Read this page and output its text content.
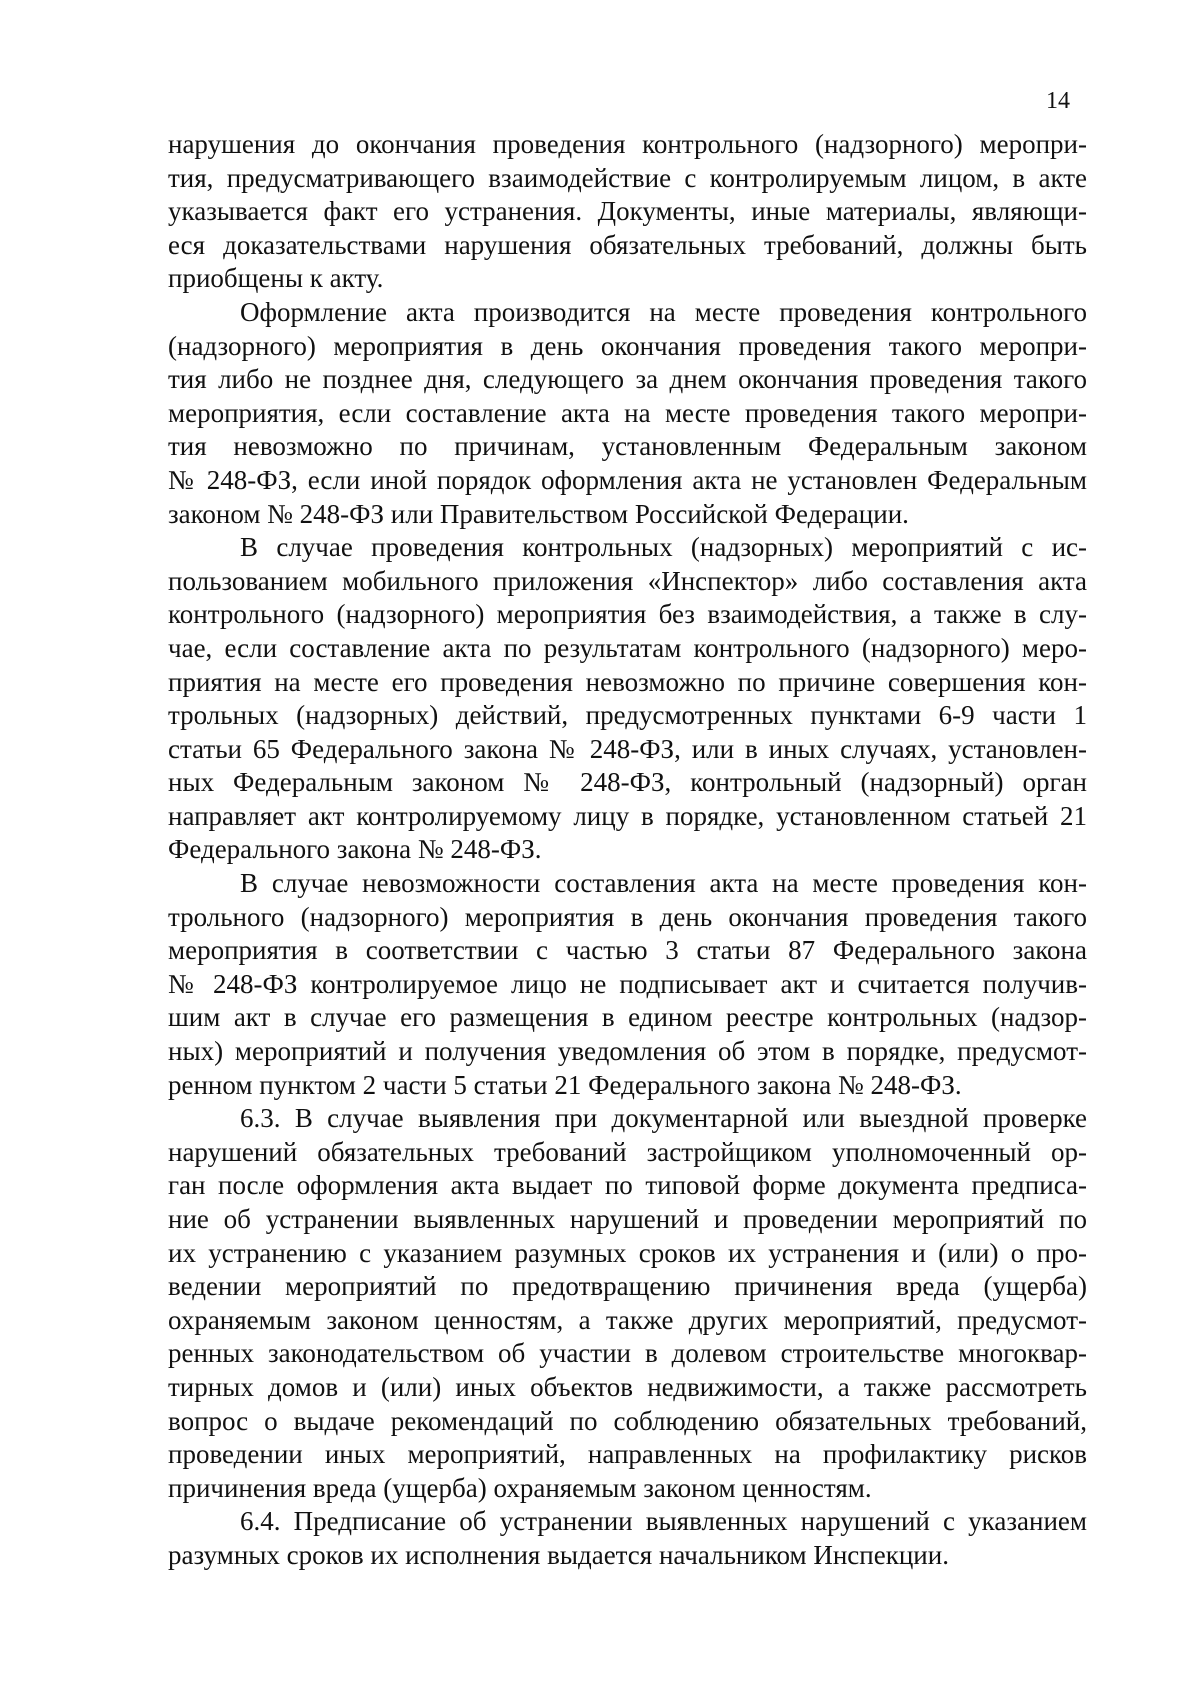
14
нарушения до окончания проведения контрольного (надзорного) меропри-
тия, предусматривающего взаимодействие с контролируемым лицом, в акте
указывается факт его устранения. Документы, иные материалы, являющи-
еся доказательствами нарушения обязательных требований, должны быть
приобщены к акту.
Оформление акта производится на месте проведения контрольного
(надзорного) мероприятия в день окончания проведения такого меропри-
тия либо не позднее дня, следующего за днем окончания проведения такого
мероприятия, если составление акта на месте проведения такого меропри-
тия невозможно по причинам, установленным Федеральным законом
№ 248-ФЗ, если иной порядок оформления акта не установлен Федеральным
законом № 248-ФЗ или Правительством Российской Федерации.
В случае проведения контрольных (надзорных) мероприятий с ис-
пользованием мобильного приложения «Инспектор» либо составления акта
контрольного (надзорного) мероприятия без взаимодействия, а также в слу-
чае, если составление акта по результатам контрольного (надзорного) меро-
приятия на месте его проведения невозможно по причине совершения кон-
трольных (надзорных) действий, предусмотренных пунктами 6-9 части 1
статьи 65 Федерального закона № 248-ФЗ, или в иных случаях, установлен-
ных Федеральным законом № 248-ФЗ, контрольный (надзорный) орган
направляет акт контролируемому лицу в порядке, установленном статьей 21
Федерального закона № 248-ФЗ.
В случае невозможности составления акта на месте проведения кон-
трольного (надзорного) мероприятия в день окончания проведения такого
мероприятия в соответствии с частью 3 статьи 87 Федерального закона
№ 248-ФЗ контролируемое лицо не подписывает акт и считается получив-
шим акт в случае его размещения в едином реестре контрольных (надзор-
ных) мероприятий и получения уведомления об этом в порядке, предусмот-
ренном пунктом 2 части 5 статьи 21 Федерального закона № 248-ФЗ.
6.3. В случае выявления при документарной или выездной проверке
нарушений обязательных требований застройщиком уполномоченный ор-
ган после оформления акта выдает по типовой форме документа предписа-
ние об устранении выявленных нарушений и проведении мероприятий по
их устранению с указанием разумных сроков их устранения и (или) о про-
ведении мероприятий по предотвращению причинения вреда (ущерба)
охраняемым законом ценностям, а также других мероприятий, предусмот-
ренных законодательством об участии в долевом строительстве многоквар-
тирных домов и (или) иных объектов недвижимости, а также рассмотреть
вопрос о выдаче рекомендаций по соблюдению обязательных требований,
проведении иных мероприятий, направленных на профилактику рисков
причинения вреда (ущерба) охраняемым законом ценностям.
6.4. Предписание об устранении выявленных нарушений с указанием
разумных сроков их исполнения выдается начальником Инспекции.
